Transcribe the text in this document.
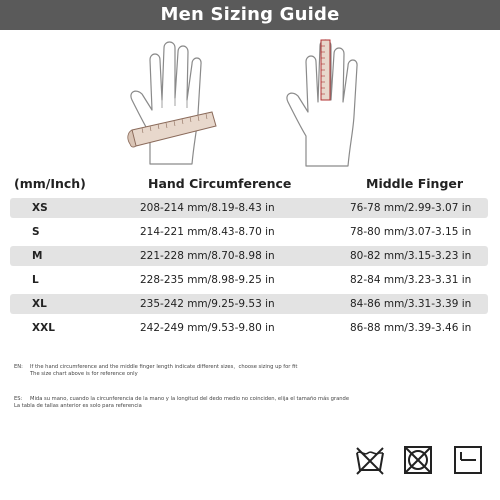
Men Sizing Guide
(mm/Inch)	Hand Circumference	Middle Finger
XS	208-214 mm/8.19-8.43 in	76-78 mm/2.99-3.07 in
S	214-221 mm/8.43-8.70 in	78-80 mm/3.07-3.15 in
M	221-228 mm/8.70-8.98 in	80-82 mm/3.15-3.23 in
L	228-235 mm/8.98-9.25 in	82-84 mm/3.23-3.31 in
XL	235-242 mm/9.25-9.53 in	84-86 mm/3.31-3.39 in
XXL	242-249 mm/9.53-9.80 in	86-88 mm/3.39-3.46 in
EN: If the hand circumference and the middle finger length indicate different sizes，choose sizing up for fit
The size chart above is for reference only
ES: Mida su mano, cuando la circunferencia de la mano y la longitud del dedo medio no coinciden, elija el tamaño más grande
La tabla de tallas anterior es solo para referencia
